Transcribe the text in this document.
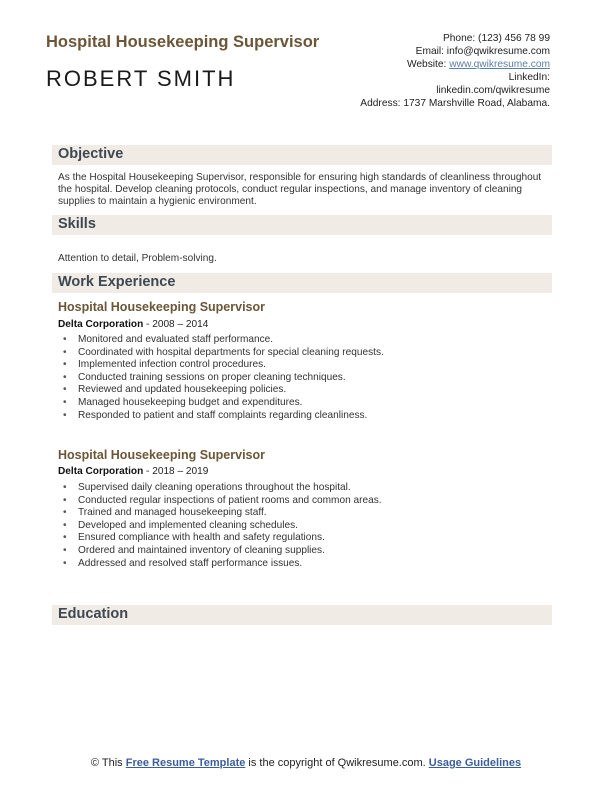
Hospital Housekeeping Supervisor
ROBERT SMITH
Phone: (123) 456 78 99
Email: info@qwikresume.com
Website: www.qwikresume.com
LinkedIn:
linkedin.com/qwikresume
Address: 1737 Marshville Road, Alabama.
Objective
As the Hospital Housekeeping Supervisor, responsible for ensuring high standards of cleanliness throughout the hospital. Develop cleaning protocols, conduct regular inspections, and manage inventory of cleaning supplies to maintain a hygienic environment.
Skills
Attention to detail, Problem-solving.
Work Experience
Hospital Housekeeping Supervisor
Delta Corporation - 2008 – 2014
• Monitored and evaluated staff performance.
• Coordinated with hospital departments for special cleaning requests.
• Implemented infection control procedures.
• Conducted training sessions on proper cleaning techniques.
• Reviewed and updated housekeeping policies.
• Managed housekeeping budget and expenditures.
• Responded to patient and staff complaints regarding cleanliness.
Hospital Housekeeping Supervisor
Delta Corporation - 2018 – 2019
• Supervised daily cleaning operations throughout the hospital.
• Conducted regular inspections of patient rooms and common areas.
• Trained and managed housekeeping staff.
• Developed and implemented cleaning schedules.
• Ensured compliance with health and safety regulations.
• Ordered and maintained inventory of cleaning supplies.
• Addressed and resolved staff performance issues.
Education
© This Free Resume Template is the copyright of Qwikresume.com. Usage Guidelines
